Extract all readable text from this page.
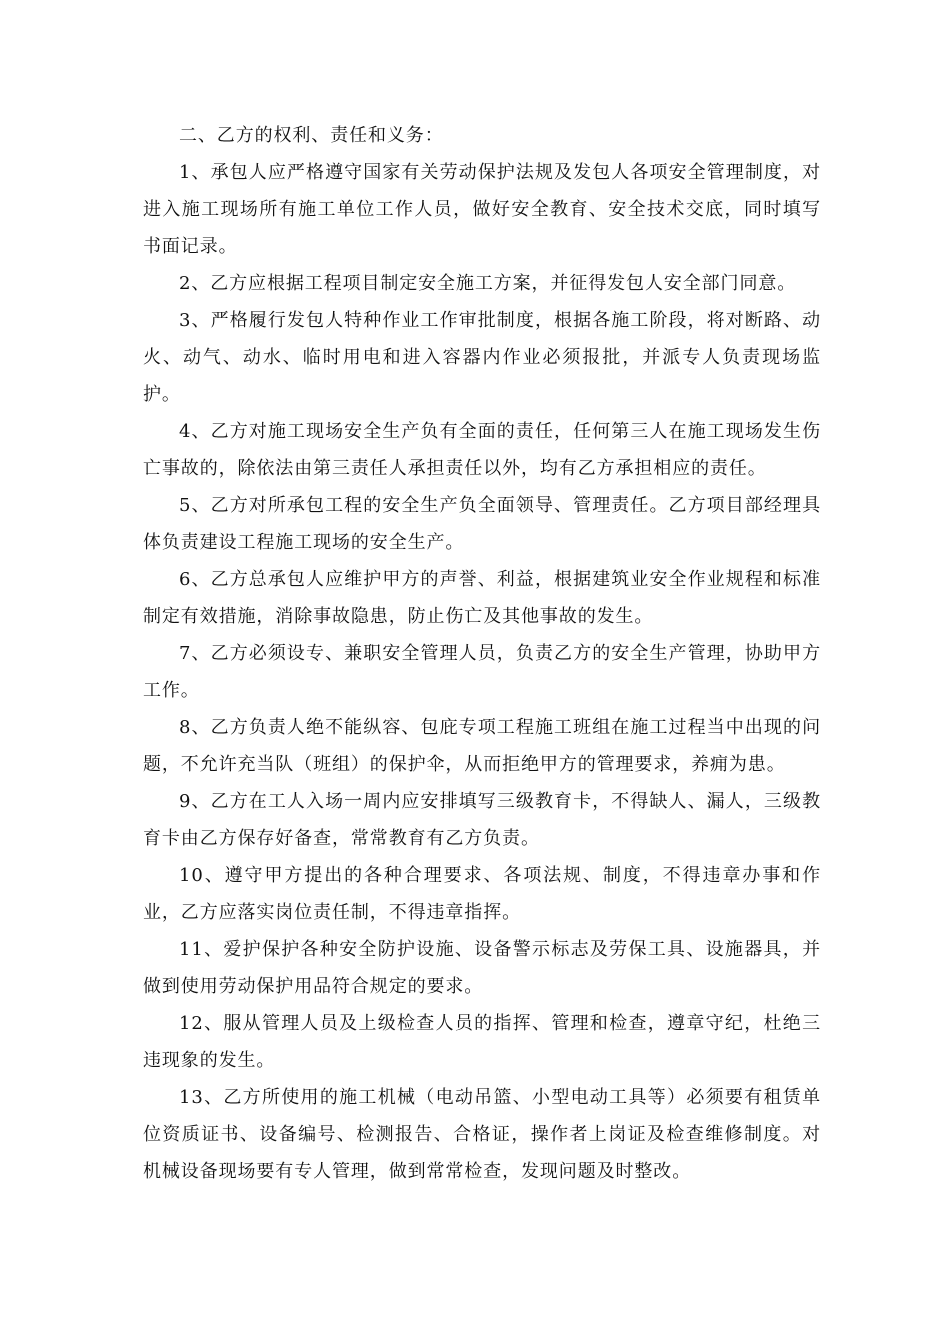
二、乙方的权利、责任和义务：

1、承包人应严格遵守国家有关劳动保护法规及发包人各项安全管理制度，对进入施工现场所有施工单位工作人员，做好安全教育、安全技术交底，同时填写书面记录。

2、乙方应根据工程项目制定安全施工方案，并征得发包人安全部门同意。

3、严格履行发包人特种作业工作审批制度，根据各施工阶段，将对断路、动火、动气、动水、临时用电和进入容器内作业必须报批，并派专人负责现场监护。

4、乙方对施工现场安全生产负有全面的责任，任何第三人在施工现场发生伤亡事故的，除依法由第三责任人承担责任以外，均有乙方承担相应的责任。

5、乙方对所承包工程的安全生产负全面领导、管理责任。乙方项目部经理具体负责建设工程施工现场的安全生产。

6、乙方总承包人应维护甲方的声誉、利益，根据建筑业安全作业规程和标准制定有效措施，消除事故隐患，防止伤亡及其他事故的发生。

7、乙方必须设专、兼职安全管理人员，负责乙方的安全生产管理，协助甲方工作。

8、乙方负责人绝不能纵容、包庇专项工程施工班组在施工过程当中出现的问题，不允许充当队（班组）的保护伞，从而拒绝甲方的管理要求，养痈为患。

9、乙方在工人入场一周内应安排填写三级教育卡，不得缺人、漏人，三级教育卡由乙方保存好备查，常常教育有乙方负责。

10、遵守甲方提出的各种合理要求、各项法规、制度，不得违章办事和作业，乙方应落实岗位责任制，不得违章指挥。

11、爱护保护各种安全防护设施、设备警示标志及劳保工具、设施器具，并做到使用劳动保护用品符合规定的要求。

12、服从管理人员及上级检查人员的指挥、管理和检查，遵章守纪，杜绝三违现象的发生。

13、乙方所使用的施工机械（电动吊篮、小型电动工具等）必须要有租赁单位资质证书、设备编号、检测报告、合格证，操作者上岗证及检查维修制度。对机械设备现场要有专人管理，做到常常检查，发现问题及时整改。
